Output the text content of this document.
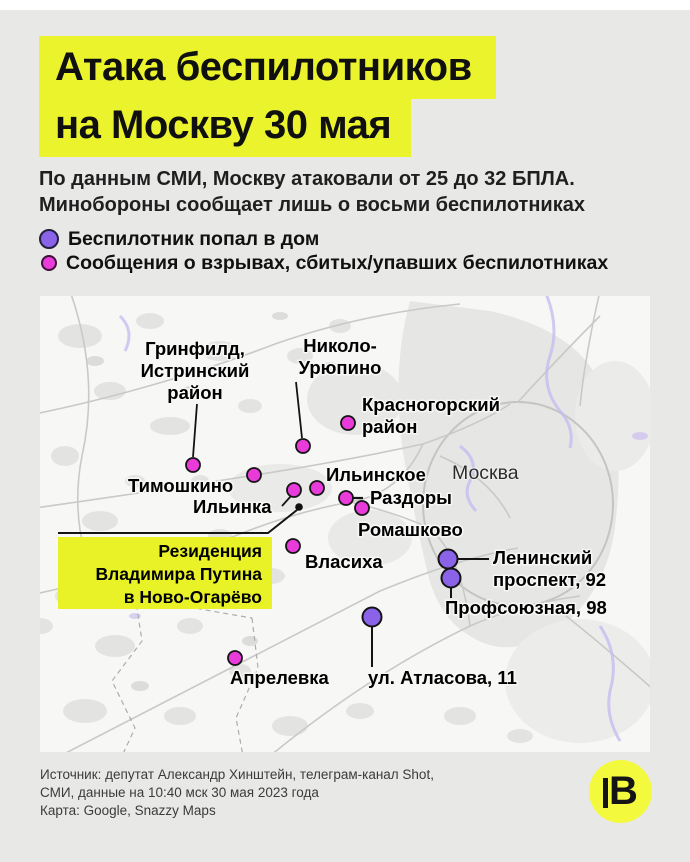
Атака беспилотников
на Москву 30 мая
По данным СМИ, Москву атаковали от 25 до 32 БПЛА.
Минобороны сообщает лишь о восьми беспилотниках
Беспилотник попал в дом
Сообщения о взрывах, сбитых/упавших беспилотниках
Резиденция Владимира Путина в Ново-Огарёво
Гринфилд, Истринский район
Николо-Урюпино
Красногорский район
Тимошкино
Ильинское
Ильинка	Раздоры
Ромашково
Власиха
Апрелевка ул. Атласова, 11
Ленинский проспект, 92
Профсоюзная, 98
Москва
Источник: депутат Александр Хинштейн, телеграм-канал Shot,
СМИ, данные на 10:40 мск 30 мая 2023 года
Карта: Google, Snazzy Maps	В
